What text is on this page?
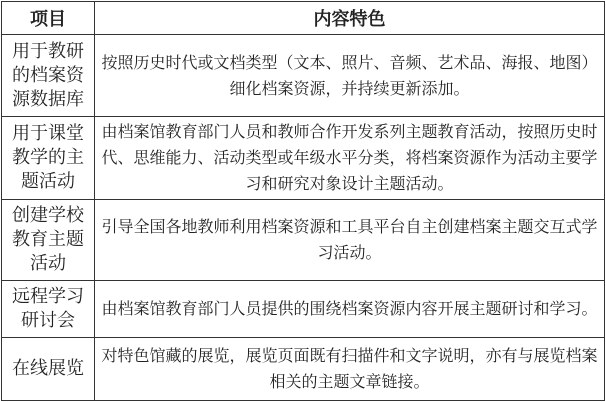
项目	内容特色
用于教研的档案资源数据库	按照历史时代或文档类型（文本、照片、音频、艺术品、海报、地图）细化档案资源，并持续更新添加。
用于课堂教学的主题活动	由档案馆教育部门人员和教师合作开发系列主题教育活动，按照历史时代、思维能力、活动类型或年级水平分类，将档案资源作为活动主要学习和研究对象设计主题活动。
创建学校教育主题活动	引导全国各地教师利用档案资源和工具平台自主创建档案主题交互式学习活动。
远程学习研讨会	由档案馆教育部门人员提供的围绕档案资源内容开展主题研讨和学习。
在线展览	对特色馆藏的展览，展览页面既有扫描件和文字说明，亦有与展览档案相关的主题文章链接。
